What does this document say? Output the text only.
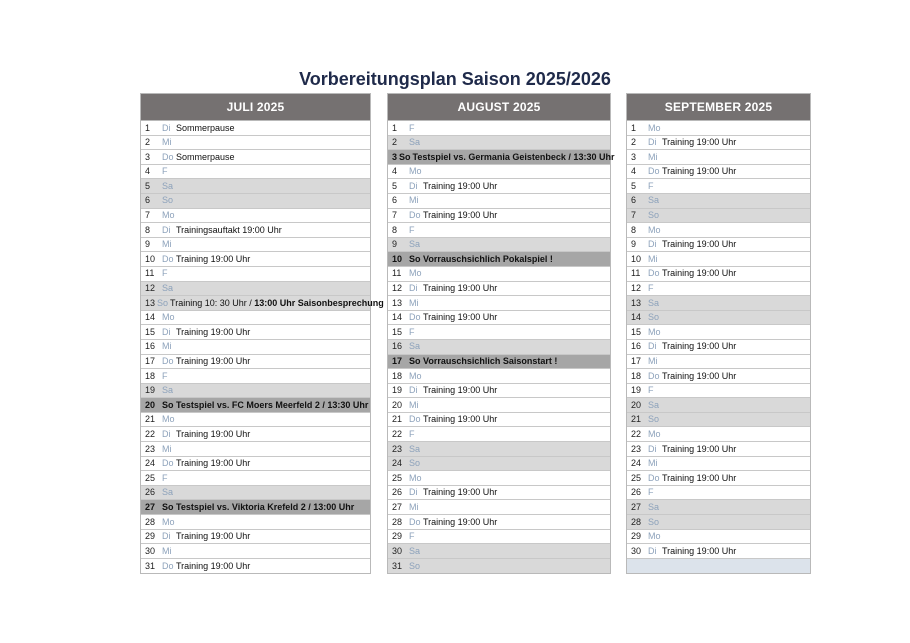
Vorbereitungsplan Saison 2025/2026
JULI 2025
1	Di Sommerpause
2	Mi
3	Do Sommerpause
4	F
5	Sa
6	So
7	Mo
8	Di Trainingsauftakt 19:00 Uhr
9	Mi
10 Do Training 19:00 Uhr
11 F
12 Sa
13 So Training 10: 30 Uhr / 13:00 Uhr Saisonbesprechung
14 Mo
15 Di Training 19:00 Uhr
16 Mi
17 Do Training 19:00 Uhr
18 F
19 Sa
20 So Testspiel vs. FC Moers Meerfeld 2 / 13:30 Uhr
21 Mo
22 Di Training 19:00 Uhr
23 Mi
24 Do Training 19:00 Uhr
25 F
26 Sa
27 So Testspiel vs. Viktoria Krefeld 2 / 13:00 Uhr
28 Mo
29 Di Training 19:00 Uhr
30 Mi
31 Do Training 19:00 Uhr
AUGUST 2025
1	F
2	Sa
3 So Testspiel vs. Germania Geistenbeck / 13:30 Uhr
4	Mo
5	Di Training 19:00 Uhr
6	Mi
7	Do Training 19:00 Uhr
8	F
9	Sa
10 So Vorrauschsichlich Pokalspiel !
11 Mo
12 Di Training 19:00 Uhr
13 Mi
14 Do Training 19:00 Uhr
15 F
16 Sa
17 So Vorrauschsichlich Saisonstart !
18 Mo
19 Di Training 19:00 Uhr
20 Mi
21 Do Training 19:00 Uhr
22 F
23 Sa
24 So
25 Mo
26 Di Training 19:00 Uhr
27 Mi
28 Do Training 19:00 Uhr
29 F
30 Sa
31 So
SEPTEMBER 2025
1	Mo
2	Di Training 19:00 Uhr
3	Mi
4	Do Training 19:00 Uhr
5	F
6	Sa
7	So
8	Mo
9	Di Training 19:00 Uhr
10 Mi
11 Do Training 19:00 Uhr
12 F
13 Sa
14 So
15 Mo
16 Di Training 19:00 Uhr
17 Mi
18 Do Training 19:00 Uhr
19 F
20 Sa
21 So
22 Mo
23 Di Training 19:00 Uhr
24 Mi
25 Do Training 19:00 Uhr
26 F
27 Sa
28 So
29 Mo
30 Di Training 19:00 Uhr
